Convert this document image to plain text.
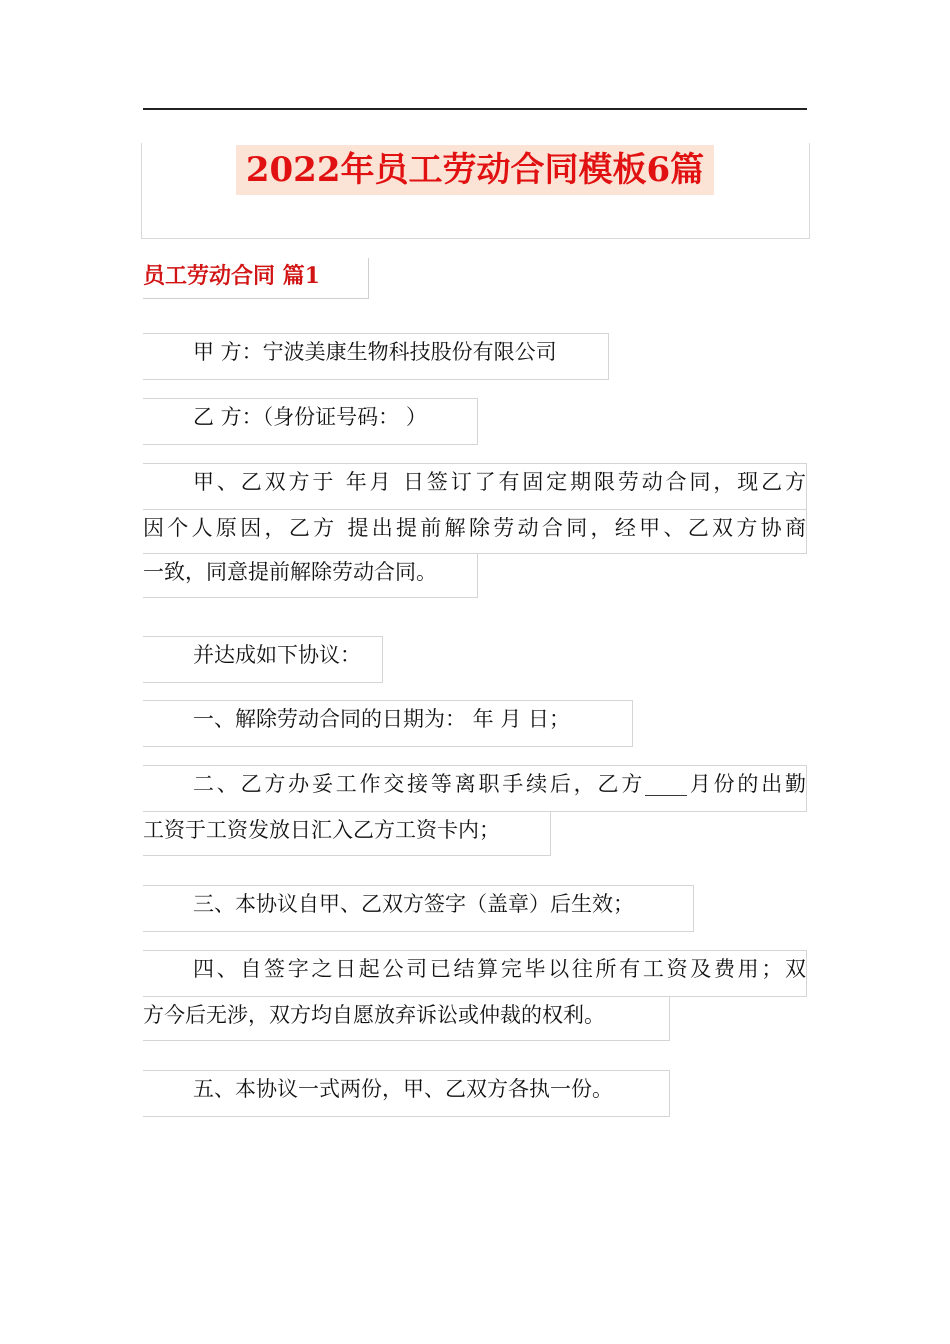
2022年员工劳动合同模板6篇
员工劳动合同 篇1
甲 方：宁波美康生物科技股份有限公司
乙 方：（身份证号码： ）
甲、乙双方于 年月 日签订了有固定期限劳动合同，现乙方
因个人原因，乙方 提出提前解除劳动合同，经甲、乙双方协商
一致，同意提前解除劳动合同。
并达成如下协议：
一、解除劳动合同的日期为： 年 月 日；
二、乙方办妥工作交接等离职手续后，乙方____月份的出勤
工资于工资发放日汇入乙方工资卡内；
三、本协议自甲、乙双方签字（盖章）后生效；
四、自签字之日起公司已结算完毕以往所有工资及费用；双
方今后无涉，双方均自愿放弃诉讼或仲裁的权利。
五、本协议一式两份，甲、乙双方各执一份。
